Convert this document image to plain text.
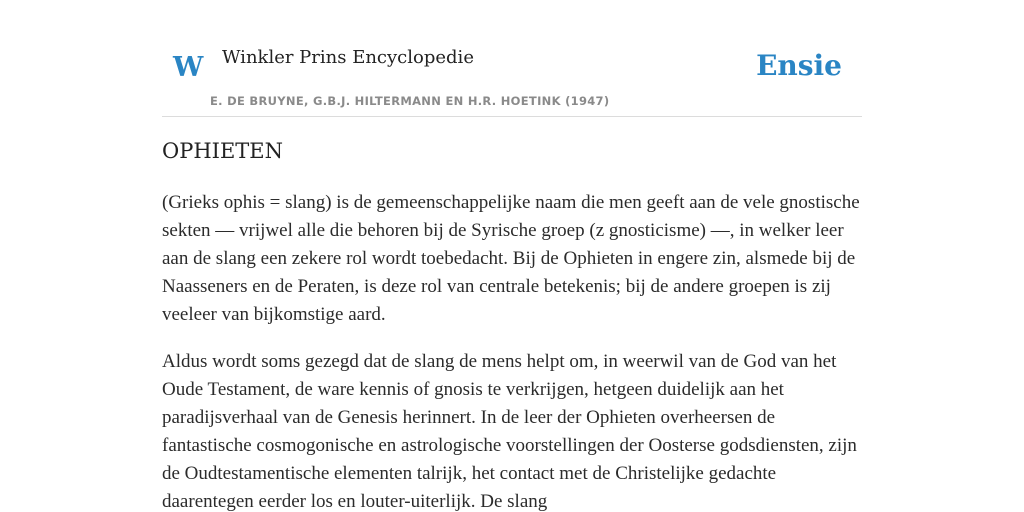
W Winkler Prins Encyclopedie
E. DE BRUYNE, G.B.J. HILTERMANN EN H.R. HOETINK (1947)
Ensie
OPHIETEN

(Grieks ophis = slang) is de gemeenschappelijke naam die men geeft aan de vele gnostische sekten — vrijwel alle die behoren bij de Syrische groep (z gnosticisme) —, in welker leer aan de slang een zekere rol wordt toebedacht. Bij de Ophieten in engere zin, alsmede bij de Naasseners en de Peraten, is deze rol van centrale betekenis; bij de andere groepen is zij veeleer van bijkomstige aard.

Aldus wordt soms gezegd dat de slang de mens helpt om, in weerwil van de God van het Oude Testament, de ware kennis of gnosis te verkrijgen, hetgeen duidelijk aan het paradijsverhaal van de Genesis herinnert. In de leer der Ophieten overheersen de fantastische cosmogonische en astrologische voorstellingen der Oosterse godsdiensten, zijn de Oudtestamentische elementen talrijk, het contact met de Christelijke gedachte daarentegen eerder los en louter-uiterlijk. De slang
